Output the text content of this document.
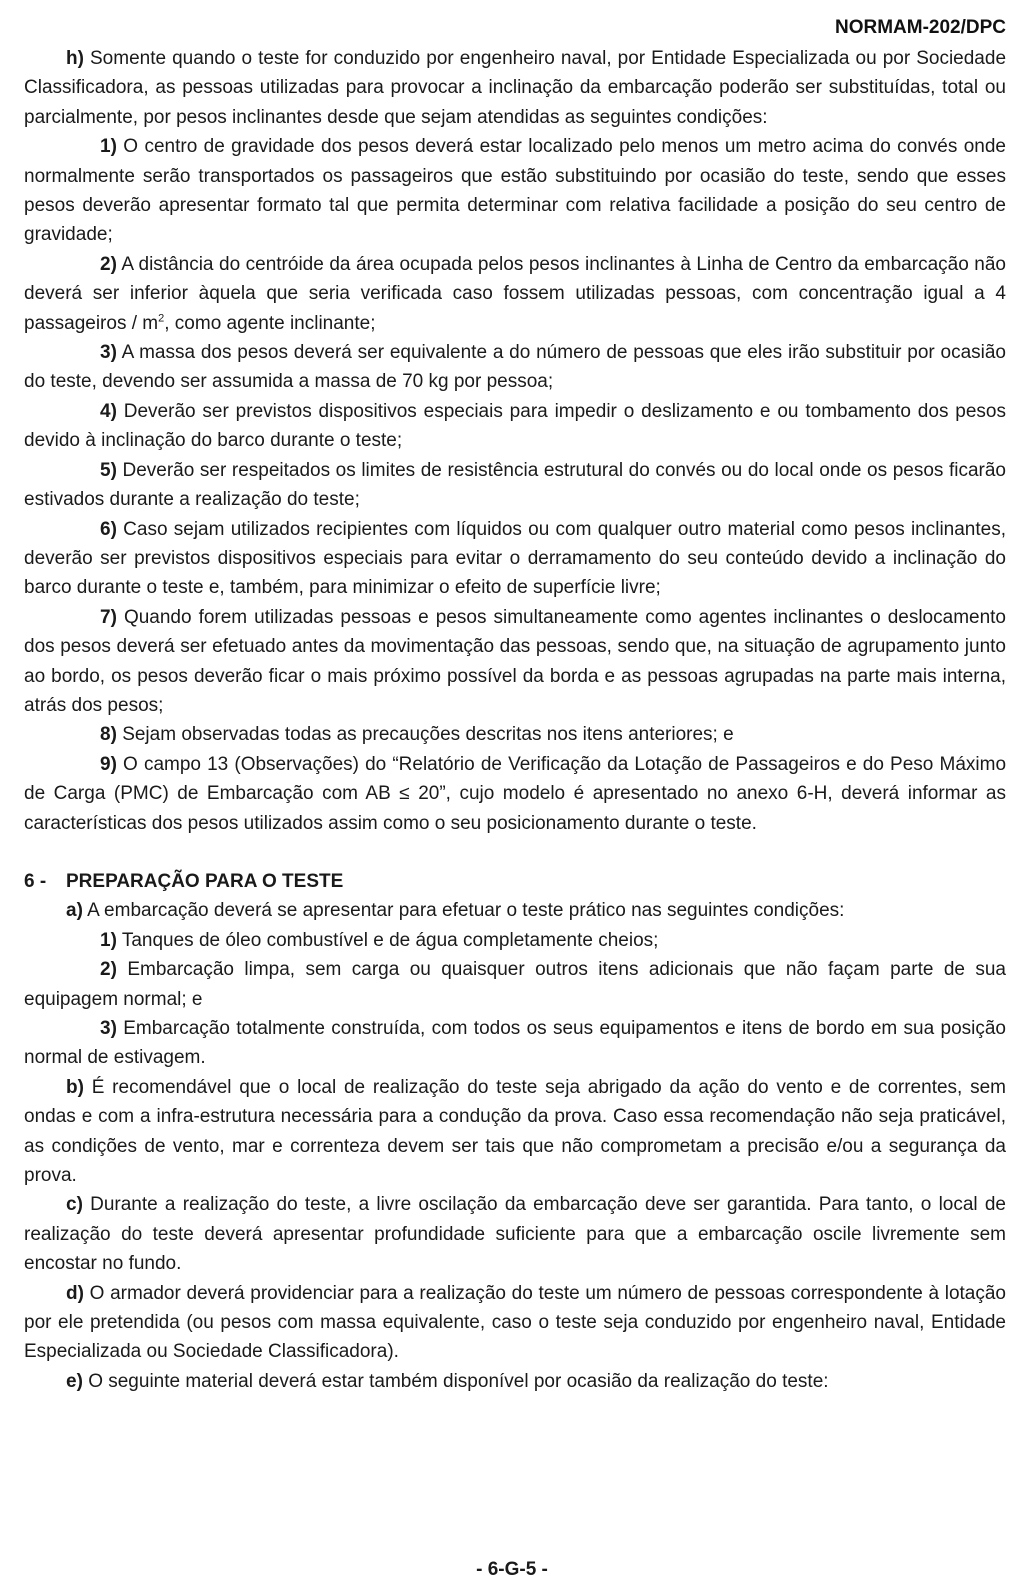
NORMAM-202/DPC

h) Somente quando o teste for conduzido por engenheiro naval, por Entidade Especializada ou por Sociedade Classificadora, as pessoas utilizadas para provocar a inclinação da embarcação poderão ser substituídas, total ou parcialmente, por pesos inclinantes desde que sejam atendidas as seguintes condições:

1) O centro de gravidade dos pesos deverá estar localizado pelo menos um metro acima do convés onde normalmente serão transportados os passageiros que estão substituindo por ocasião do teste, sendo que esses pesos deverão apresentar formato tal que permita determinar com relativa facilidade a posição do seu centro de gravidade;

2) A distância do centróide da área ocupada pelos pesos inclinantes à Linha de Centro da embarcação não deverá ser inferior àquela que seria verificada caso fossem utilizadas pessoas, com concentração igual a 4 passageiros / $m^2$, como agente inclinante;

3) A massa dos pesos deverá ser equivalente a do número de pessoas que eles irão substituir por ocasião do teste, devendo ser assumida a massa de 70 kg por pessoa;

4) Deverão ser previstos dispositivos especiais para impedir o deslizamento e ou tombamento dos pesos devido à inclinação do barco durante o teste;

5) Deverão ser respeitados os limites de resistência estrutural do convés ou do local onde os pesos ficarão estivados durante a realização do teste;

6) Caso sejam utilizados recipientes com líquidos ou com qualquer outro material como pesos inclinantes, deverão ser previstos dispositivos especiais para evitar o derramamento do seu conteúdo devido a inclinação do barco durante o teste e, também, para minimizar o efeito de superfície livre;

7) Quando forem utilizadas pessoas e pesos simultaneamente como agentes inclinantes o deslocamento dos pesos deverá ser efetuado antes da movimentação das pessoas, sendo que, na situação de agrupamento junto ao bordo, os pesos deverão ficar o mais próximo possível da borda e as pessoas agrupadas na parte mais interna, atrás dos pesos;

8) Sejam observadas todas as precauções descritas nos itens anteriores; e

9) O campo 13 (Observações) do “Relatório de Verificação da Lotação de Passageiros e do Peso Máximo de Carga (PMC) de Embarcação com AB ≤ 20”, cujo modelo é apresentado no anexo 6-H, deverá informar as características dos pesos utilizados assim como o seu posicionamento durante o teste.

6 -	PREPARAÇÃO PARA O TESTE

a) A embarcação deverá se apresentar para efetuar o teste prático nas seguintes condições:

1) Tanques de óleo combustível e de água completamente cheios;

2) Embarcação limpa, sem carga ou quaisquer outros itens adicionais que não façam parte de sua equipagem normal; e

3) Embarcação totalmente construída, com todos os seus equipamentos e itens de bordo em sua posição normal de estivagem.

b) É recomendável que o local de realização do teste seja abrigado da ação do vento e de correntes, sem ondas e com a infra-estrutura necessária para a condução da prova. Caso essa recomendação não seja praticável, as condições de vento, mar e correnteza devem ser tais que não comprometam a precisão e/ou a segurança da prova.

c) Durante a realização do teste, a livre oscilação da embarcação deve ser garantida. Para tanto, o local de realização do teste deverá apresentar profundidade suficiente para que a embarcação oscile livremente sem encostar no fundo.

d) O armador deverá providenciar para a realização do teste um número de pessoas correspondente à lotação por ele pretendida (ou pesos com massa equivalente, caso o teste seja conduzido por engenheiro naval, Entidade Especializada ou Sociedade Classificadora).

e) O seguinte material deverá estar também disponível por ocasião da realização do teste:

- 6-G-5 -
